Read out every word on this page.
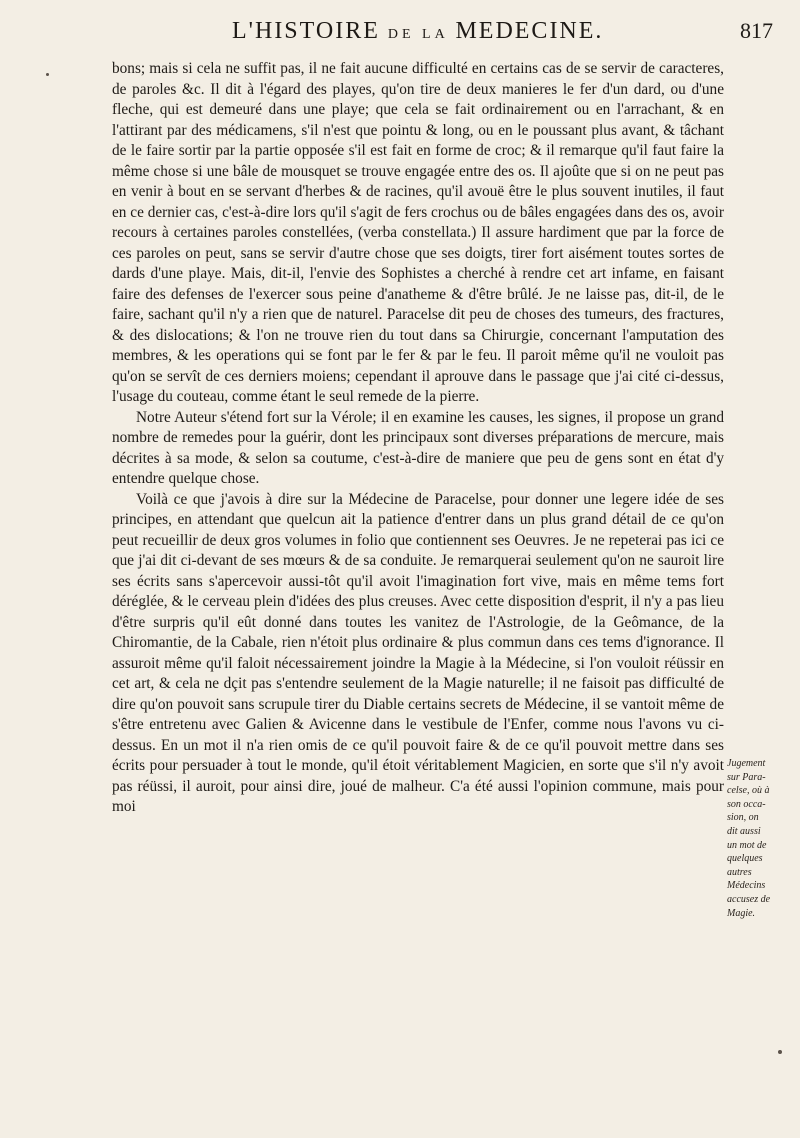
L'HISTOIRE DE LA MEDECINE.	817

bons; mais si cela ne suffit pas, il ne fait aucune difficulté en certains cas de se servir de caracteres, de paroles &c. Il dit à l'égard des playes, qu'on tire de deux manieres le fer d'un dard, ou d'une fleche, qui est demeuré dans une playe; que cela se fait ordinairement ou en l'arrachant, & en l'attirant par des médicamens, s'il n'est que pointu & long, ou en le poussant plus avant, & tâchant de le faire sortir par la partie opposée s'il est fait en forme de croc; & il remarque qu'il faut faire la même chose si une bâle de mousquet se trouve engagée entre des os. Il ajoûte que si on ne peut pas en venir à bout en se servant d'herbes & de racines, qu'il avouë être le plus souvent inutiles, il faut en ce dernier cas, c'est-à-dire lors qu'il s'agit de fers crochus ou de bâles engagées dans des os, avoir recours à certaines paroles constellées, (verba constellata.) Il assure hardiment que par la force de ces paroles on peut, sans se servir d'autre chose que ses doigts, tirer fort aisément toutes sortes de dards d'une playe. Mais, dit-il, l'envie des Sophistes a cherché à rendre cet art infame, en faisant faire des defenses de l'exercer sous peine d'anatheme & d'être brûlé. Je ne laisse pas, dit-il, de le faire, sachant qu'il n'y a rien que de naturel. Paracelse dit peu de choses des tumeurs, des fractures, & des dislocations; & l'on ne trouve rien du tout dans sa Chirurgie, concernant l'amputation des membres, & les operations qui se font par le fer & par le feu. Il paroit même qu'il ne vouloit pas qu'on se servît de ces derniers moiens; cependant il aprouve dans le passage que j'ai cité ci-dessus, l'usage du couteau, comme étant le seul remede de la pierre.

Notre Auteur s'étend fort sur la Vérole; il en examine les causes, les signes, il propose un grand nombre de remedes pour la guérir, dont les principaux sont diverses préparations de mercure, mais décrites à sa mode, & selon sa coutume, c'est-à-dire de maniere que peu de gens sont en état d'y entendre quelque chose.

Voilà ce que j'avois à dire sur la Médecine de Paracelse, pour donner une legere idée de ses principes, en attendant que quelcun ait la patience d'entrer dans un plus grand détail de ce qu'on peut recueillir de deux gros volumes in folio que contiennent ses Oeuvres. Je ne repeterai pas ici ce que j'ai dit ci-devant de ses mœurs & de sa conduite. Je remarquerai seulement qu'on ne sauroit lire ses écrits sans s'apercevoir aussi-tôt qu'il avoit l'imagination fort vive, mais en même tems fort déréglée, & le cerveau plein d'idées des plus creuses. Avec cette disposition d'esprit, il n'y a pas lieu d'être surpris qu'il eût donné dans toutes les vanitez de l'Astrologie, de la Geômance, de la Chiromantie, de la Cabale, rien n'étoit plus ordinaire & plus commun dans ces tems d'ignorance. Il assuroit même qu'il faloit nécessairement joindre la Magie à la Médecine, si l'on vouloit réüssir en cet art, & cela ne dçit pas s'entendre seulement de la Magie naturelle; il ne faisoit pas difficulté de dire qu'on pouvoit sans scrupule tirer du Diable certains secrets de Médecine, il se vantoit même de s'être entretenu avec Galien & Avicenne dans le vestibule de l'Enfer, comme nous l'avons vu ci-dessus. En un mot il n'a rien omis de ce qu'il pouvoit faire & de ce qu'il pouvoit mettre dans ses écrits pour persuader à tout le monde, qu'il étoit véritablement Magicien, en sorte que s'il n'y avoit pas réüssi, il auroit, pour ainsi dire, joué de malheur. C'a été aussi l'opinion commune, mais pour moi

Jugement
sur Para-
celse, où à
son occa-
sion, on
dit aussi
un mot de
quelques
autres
Médecins
accusez de
Magie.
